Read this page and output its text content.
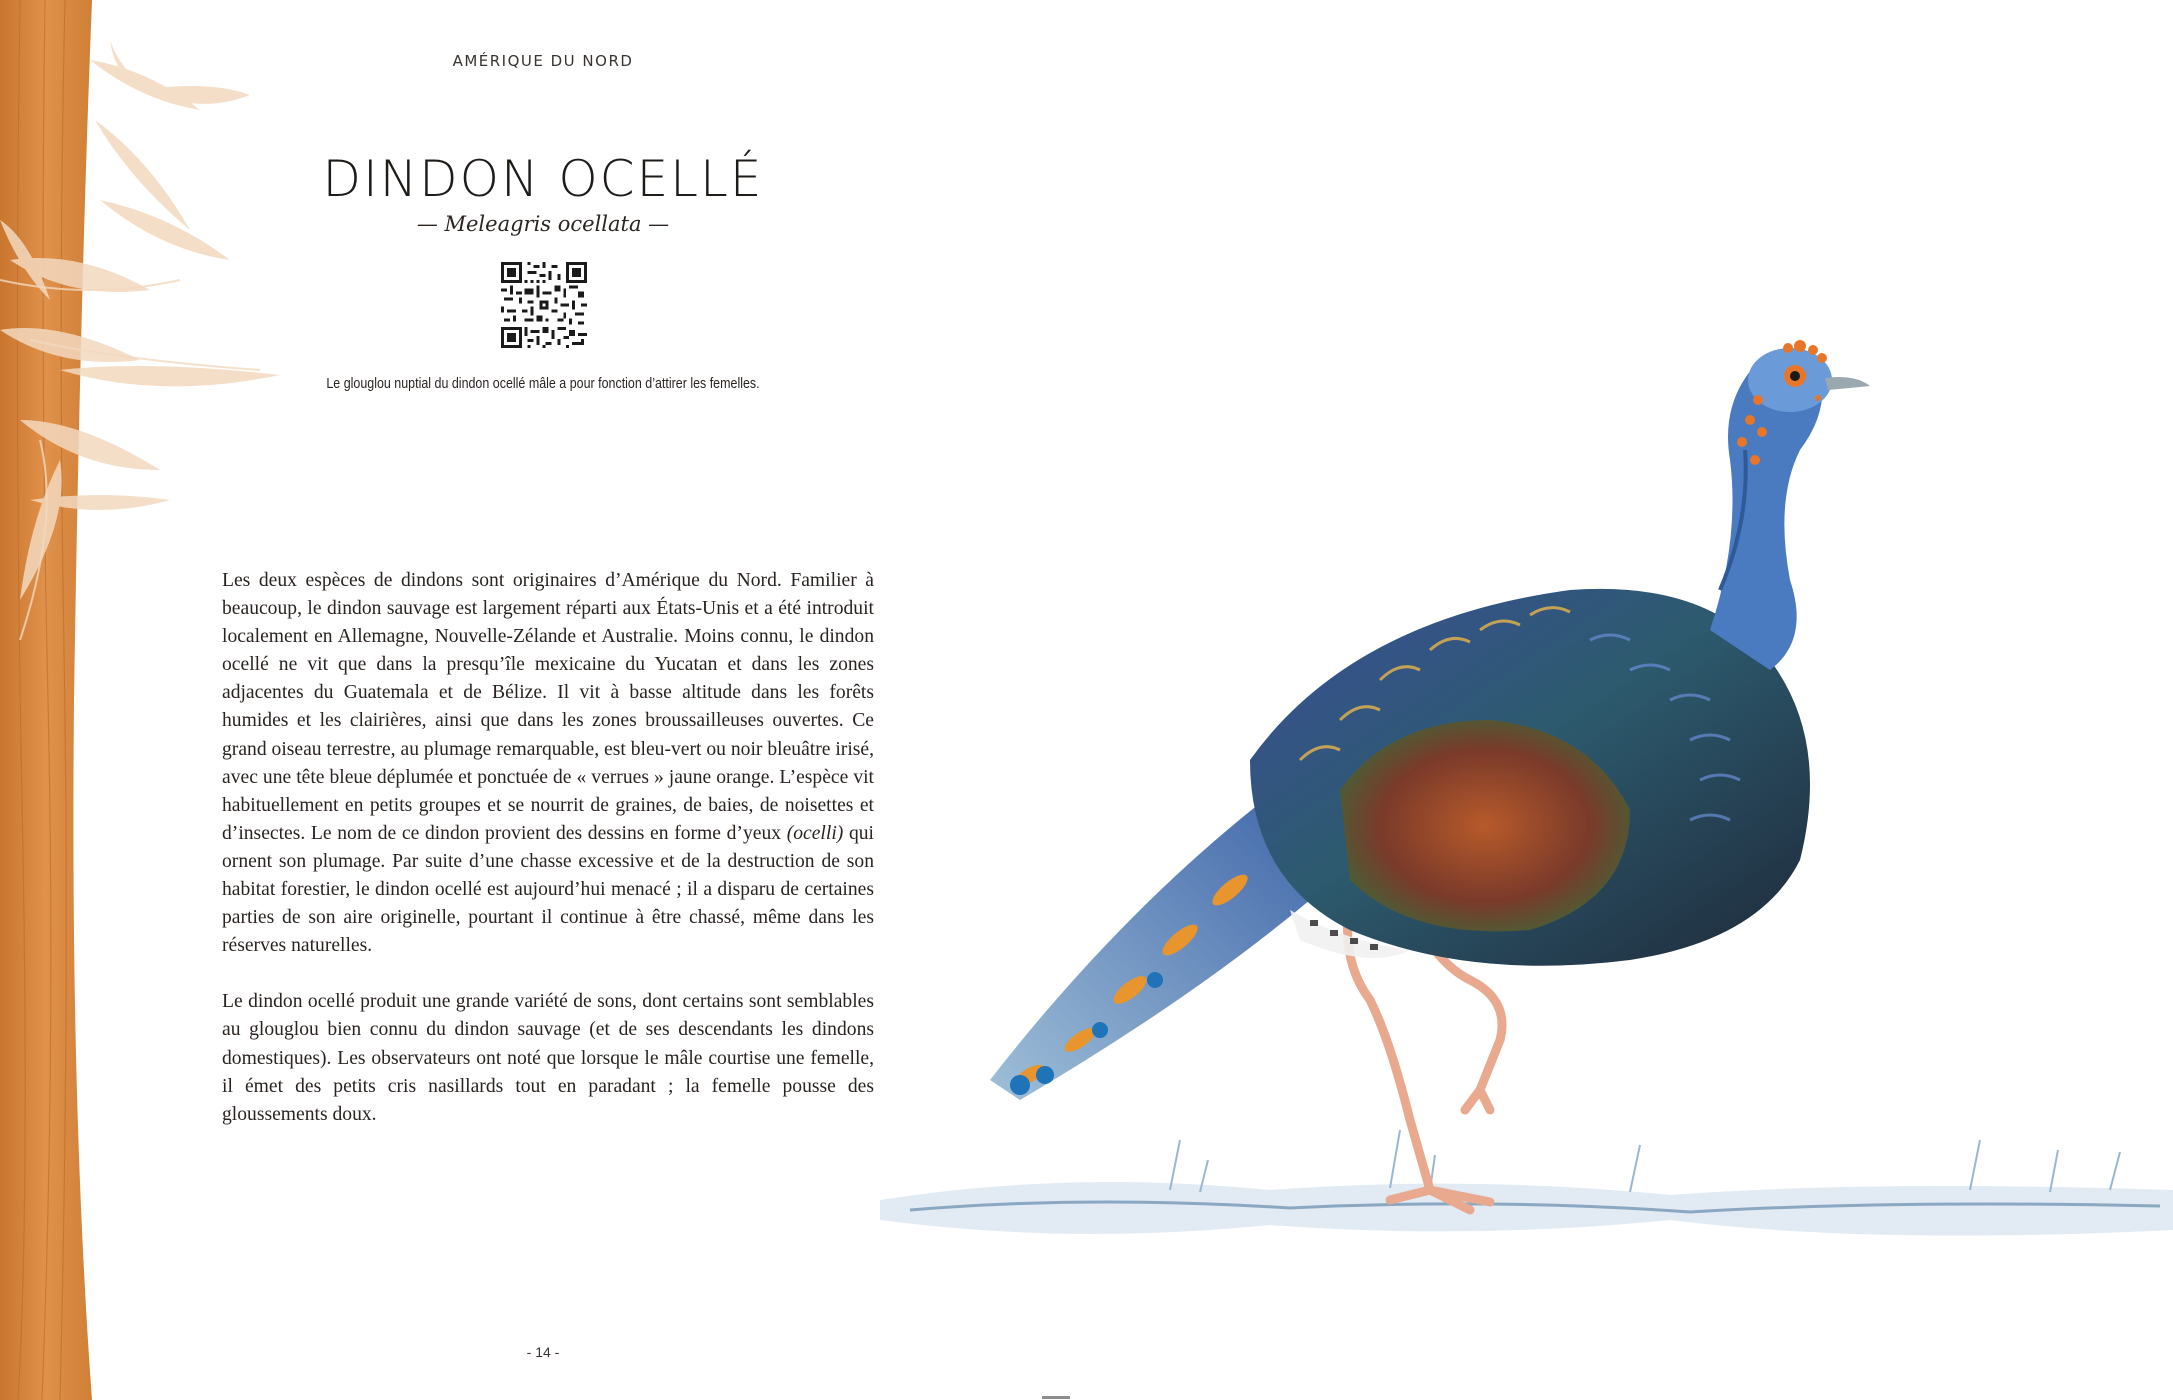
AMÉRIQUE DU NORD
DINDON OCELLÉ
— Meleagris ocellata —
Le glouglou nuptial du dindon ocellé mâle a pour fonction d’attirer les femelles.

Les deux espèces de dindons sont originaires d’Amérique du Nord. Familier à beaucoup, le dindon sauvage est largement réparti aux États-Unis et a été introduit localement en Allemagne, Nouvelle-Zélande et Australie. Moins connu, le dindon ocellé ne vit que dans la presqu’île mexicaine du Yucatan et dans les zones adjacentes du Guatemala et de Bélize. Il vit à basse altitude dans les forêts humides et les clairières, ainsi que dans les zones broussailleuses ouvertes. Ce grand oiseau terrestre, au plumage remarquable, est bleu-vert ou noir bleuâtre irisé, avec une tête bleue déplumée et ponctuée de « verrues » jaune orange. L’espèce vit habituellement en petits groupes et se nourrit de graines, de baies, de noisettes et d’insectes. Le nom de ce dindon provient des dessins en forme d’yeux (ocelli) qui ornent son plumage. Par suite d’une chasse excessive et de la destruction de son habitat forestier, le dindon ocellé est aujourd’hui menacé ; il a disparu de certaines parties de son aire originelle, pourtant il continue à être chassé, même dans les réserves naturelles.

Le dindon ocellé produit une grande variété de sons, dont certains sont semblables au glouglou bien connu du dindon sauvage (et de ses descendants les dindons domestiques). Les observateurs ont noté que lorsque le mâle courtise une femelle, il émet des petits cris nasillards tout en paradant ; la femelle pousse des gloussements doux.

- 14 -
